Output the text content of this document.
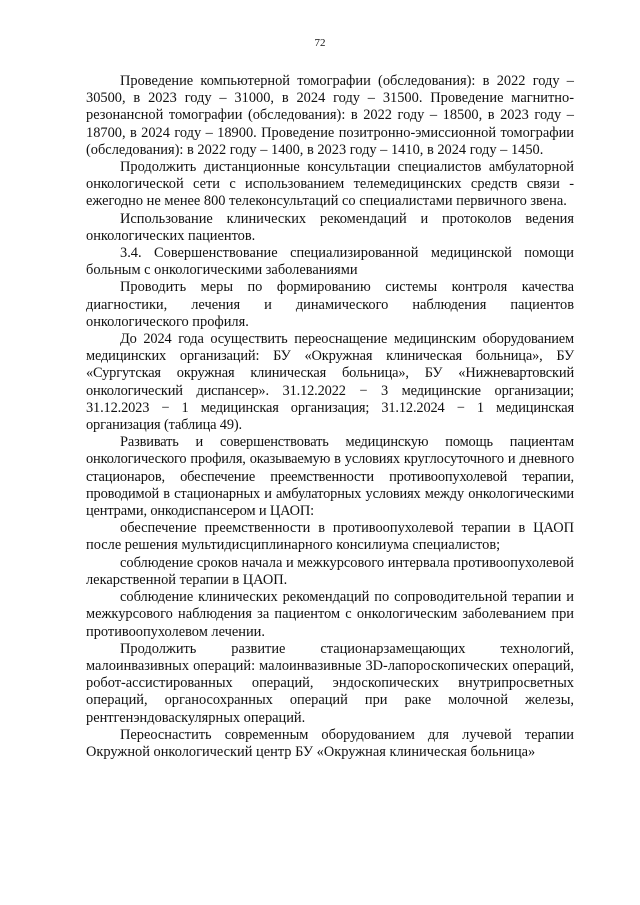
72

Проведение компьютерной томографии (обследования): в 2022 году – 30500, в 2023 году – 31000, в 2024 году – 31500. Проведение магнитно-резонансной томографии (обследования): в 2022 году – 18500, в 2023 году – 18700, в 2024 году – 18900. Проведение позитронно-эмиссионной томографии (обследования): в 2022 году – 1400, в 2023 году – 1410, в 2024 году – 1450.

Продолжить дистанционные консультации специалистов амбулаторной онкологической сети с использованием телемедицинских средств связи - ежегодно не менее 800 телеконсультаций со специалистами первичного звена.

Использование клинических рекомендаций и протоколов ведения онкологических пациентов.

3.4. Совершенствование специализированной медицинской помощи больным с онкологическими заболеваниями

Проводить меры по формированию системы контроля качества диагностики, лечения и динамического наблюдения пациентов онкологического профиля.

До 2024 года осуществить переоснащение медицинским оборудованием медицинских организаций: БУ «Окружная клиническая больница», БУ «Сургутская окружная клиническая больница», БУ «Нижневартовский онкологический диспансер». 31.12.2022 − 3 медицинские организации; 31.12.2023 − 1 медицинская организация; 31.12.2024 − 1 медицинская организация (таблица 49).

Развивать и совершенствовать медицинскую помощь пациентам онкологического профиля, оказываемую в условиях круглосуточного и дневного стационаров, обеспечение преемственности противоопухолевой терапии, проводимой в стационарных и амбулаторных условиях между онкологическими центрами, онкодиспансером и ЦАОП:

обеспечение преемственности в противоопухолевой терапии в ЦАОП после решения мультидисциплинарного консилиума специалистов;

соблюдение сроков начала и межкурсового интервала противоопухолевой лекарственной терапии в ЦАОП.

соблюдение клинических рекомендаций по сопроводительной терапии и межкурсового наблюдения за пациентом с онкологическим заболеванием при противоопухолевом лечении.

Продолжить развитие стационарзамещающих технологий, малоинвазивных операций: малоинвазивные 3D-лапороскопических операций, робот-ассистированных операций, эндоскопических внутрипросветных операций, органосохранных операций при раке молочной железы, рентгенэндоваскулярных операций.

Переоснастить современным оборудованием для лучевой терапии Окружной онкологический центр БУ «Окружная клиническая больница»
